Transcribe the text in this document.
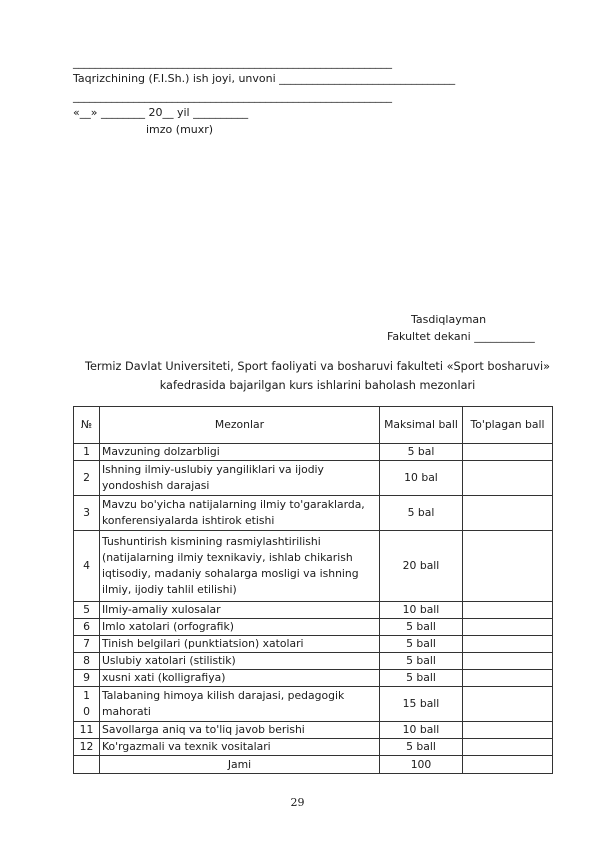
__________________________________________________________
Taqrizchining (F.I.Sh.) ish joyi, unvoni ________________________________
__________________________________________________________
«__» ________ 20__ yil __________
imzo (muxr)
Tasdiqlayman
Fakultet dekani ___________
Termiz Davlat Universiteti, Sport faoliyati va bosharuvi fakulteti «Sport bosharuvi»
kafedrasida bajarilgan kurs ishlarini baholash mezonlari
№	Mezonlar	Maksimal ball	To'plagan ball
1	Mavzuning dolzarbligi	5 bal	
2	Ishning ilmiy-uslubiy yangiliklari va ijodiy yondoshish darajasi	10 bal	
3	Mavzu bo'yicha natijalarning ilmiy to'garaklarda, konferensiyalarda ishtirok etishi	5 bal	
4	Tushuntirish kismining rasmiylashtirilishi (natijalarning ilmiy texnikaviy, ishlab chikarish iqtisodiy, madaniy sohalarga mosligi va ishning ilmiy, ijodiy tahlil etilishi)	20 ball	
5	Ilmiy-amaliy xulosalar	10 ball	
6	Imlo xatolari (orfografik)	5 ball	
7	Tinish belgilari (punktiatsion) xatolari	5 ball	
8	Uslubiy xatolari (stilistik)	5 ball	
9	xusni xati (kolligrafiya)	5 ball	
10	Talabaning himoya kilish darajasi, pedagogik mahorati	15 ball	
11	Savollarga aniq va to'liq javob berishi	10 ball	
12	Ko'rgazmali va texnik vositalari	5 ball	
	Jami	100	
29
